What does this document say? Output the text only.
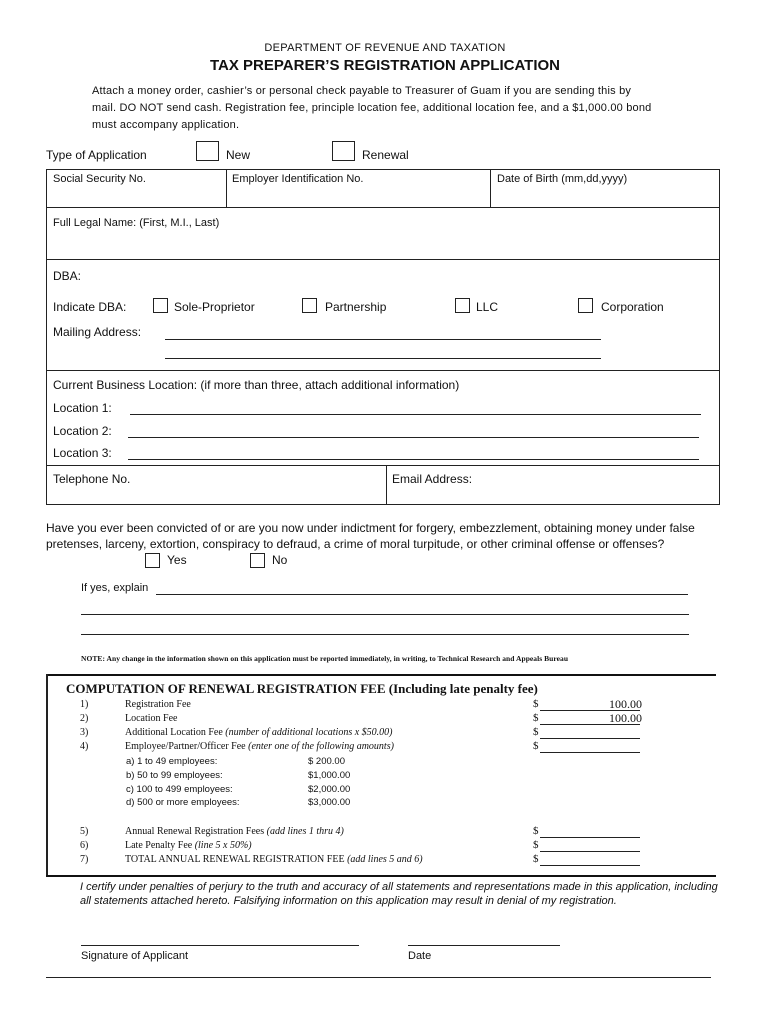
DEPARTMENT OF REVENUE AND TAXATION
TAX PREPARER’S REGISTRATION APPLICATION
Attach a money order, cashier’s or personal check payable to Treasurer of Guam if you are sending this by mail. DO NOT send cash. Registration fee, principle location fee, additional location fee, and a $1,000.00 bond must accompany application.
Type of Application	New	Renewal
Social Security No.	Employer Identification No.	Date of Birth (mm,dd,yyyy)
Full Legal Name: (First, M.I., Last)
DBA:
Indicate DBA:	Sole-Proprietor	Partnership	LLC	Corporation
Mailing Address:
Current Business Location: (if more than three, attach additional information)
Location 1:
Location 2:
Location 3:
Telephone No.	Email Address:
Have you ever been convicted of or are you now under indictment for forgery, embezzlement, obtaining money under false pretenses, larceny, extortion, conspiracy to defraud, a crime of moral turpitude, or other criminal offense or offenses?
Yes	No
If yes, explain
NOTE: Any change in the information shown on this application must be reported immediately, in writing, to Technical Research and Appeals Bureau
COMPUTATION OF RENEWAL REGISTRATION FEE (Including late penalty fee)
1)	Registration Fee	$	100.00
2)	Location Fee	$	100.00
3)	Additional Location Fee (number of additional locations x $50.00)	$
4)	Employee/Partner/Officer Fee (enter one of the following amounts)	$
a) 1 to 49 employees:	$ 200.00
b) 50 to 99 employees:	$1,000.00
c) 100 to 499 employees:	$2,000.00
d) 500 or more employees:	$3,000.00
5)	Annual Renewal Registration Fees (add lines 1 thru 4)	$
6)	Late Penalty Fee (line 5 x 50%)	$
7)	TOTAL ANNUAL RENEWAL REGISTRATION FEE (add lines 5 and 6)	$
I certify under penalties of perjury to the truth and accuracy of all statements and representations made in this application, including all statements attached hereto. Falsifying information on this application may result in denial of my registration.
Signature of Applicant	Date
